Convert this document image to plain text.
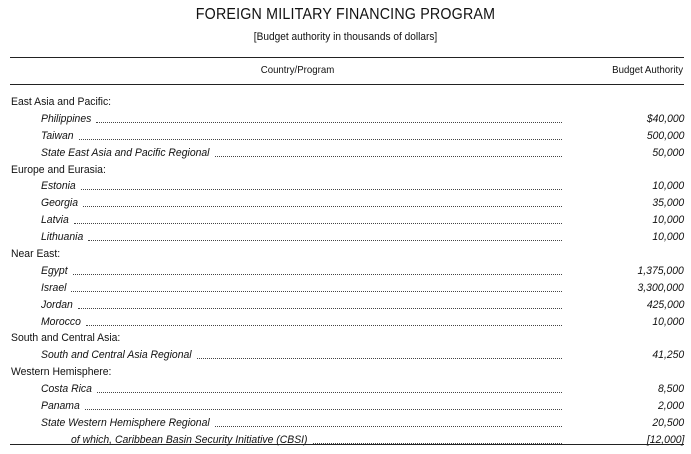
FOREIGN MILITARY FINANCING PROGRAM
[Budget authority in thousands of dollars]
Country/Program	Budget Authority
East Asia and Pacific:
Philippines	$40,000
Taiwan	500,000
State East Asia and Pacific Regional	50,000
Europe and Eurasia:
Estonia	10,000
Georgia	35,000
Latvia	10,000
Lithuania	10,000
Near East:
Egypt	1,375,000
Israel	3,300,000
Jordan	425,000
Morocco	10,000
South and Central Asia:
South and Central Asia Regional	41,250
Western Hemisphere:
Costa Rica	8,500
Panama	2,000
State Western Hemisphere Regional	20,500
of which, Caribbean Basin Security Initiative (CBSI)	[12,000]
